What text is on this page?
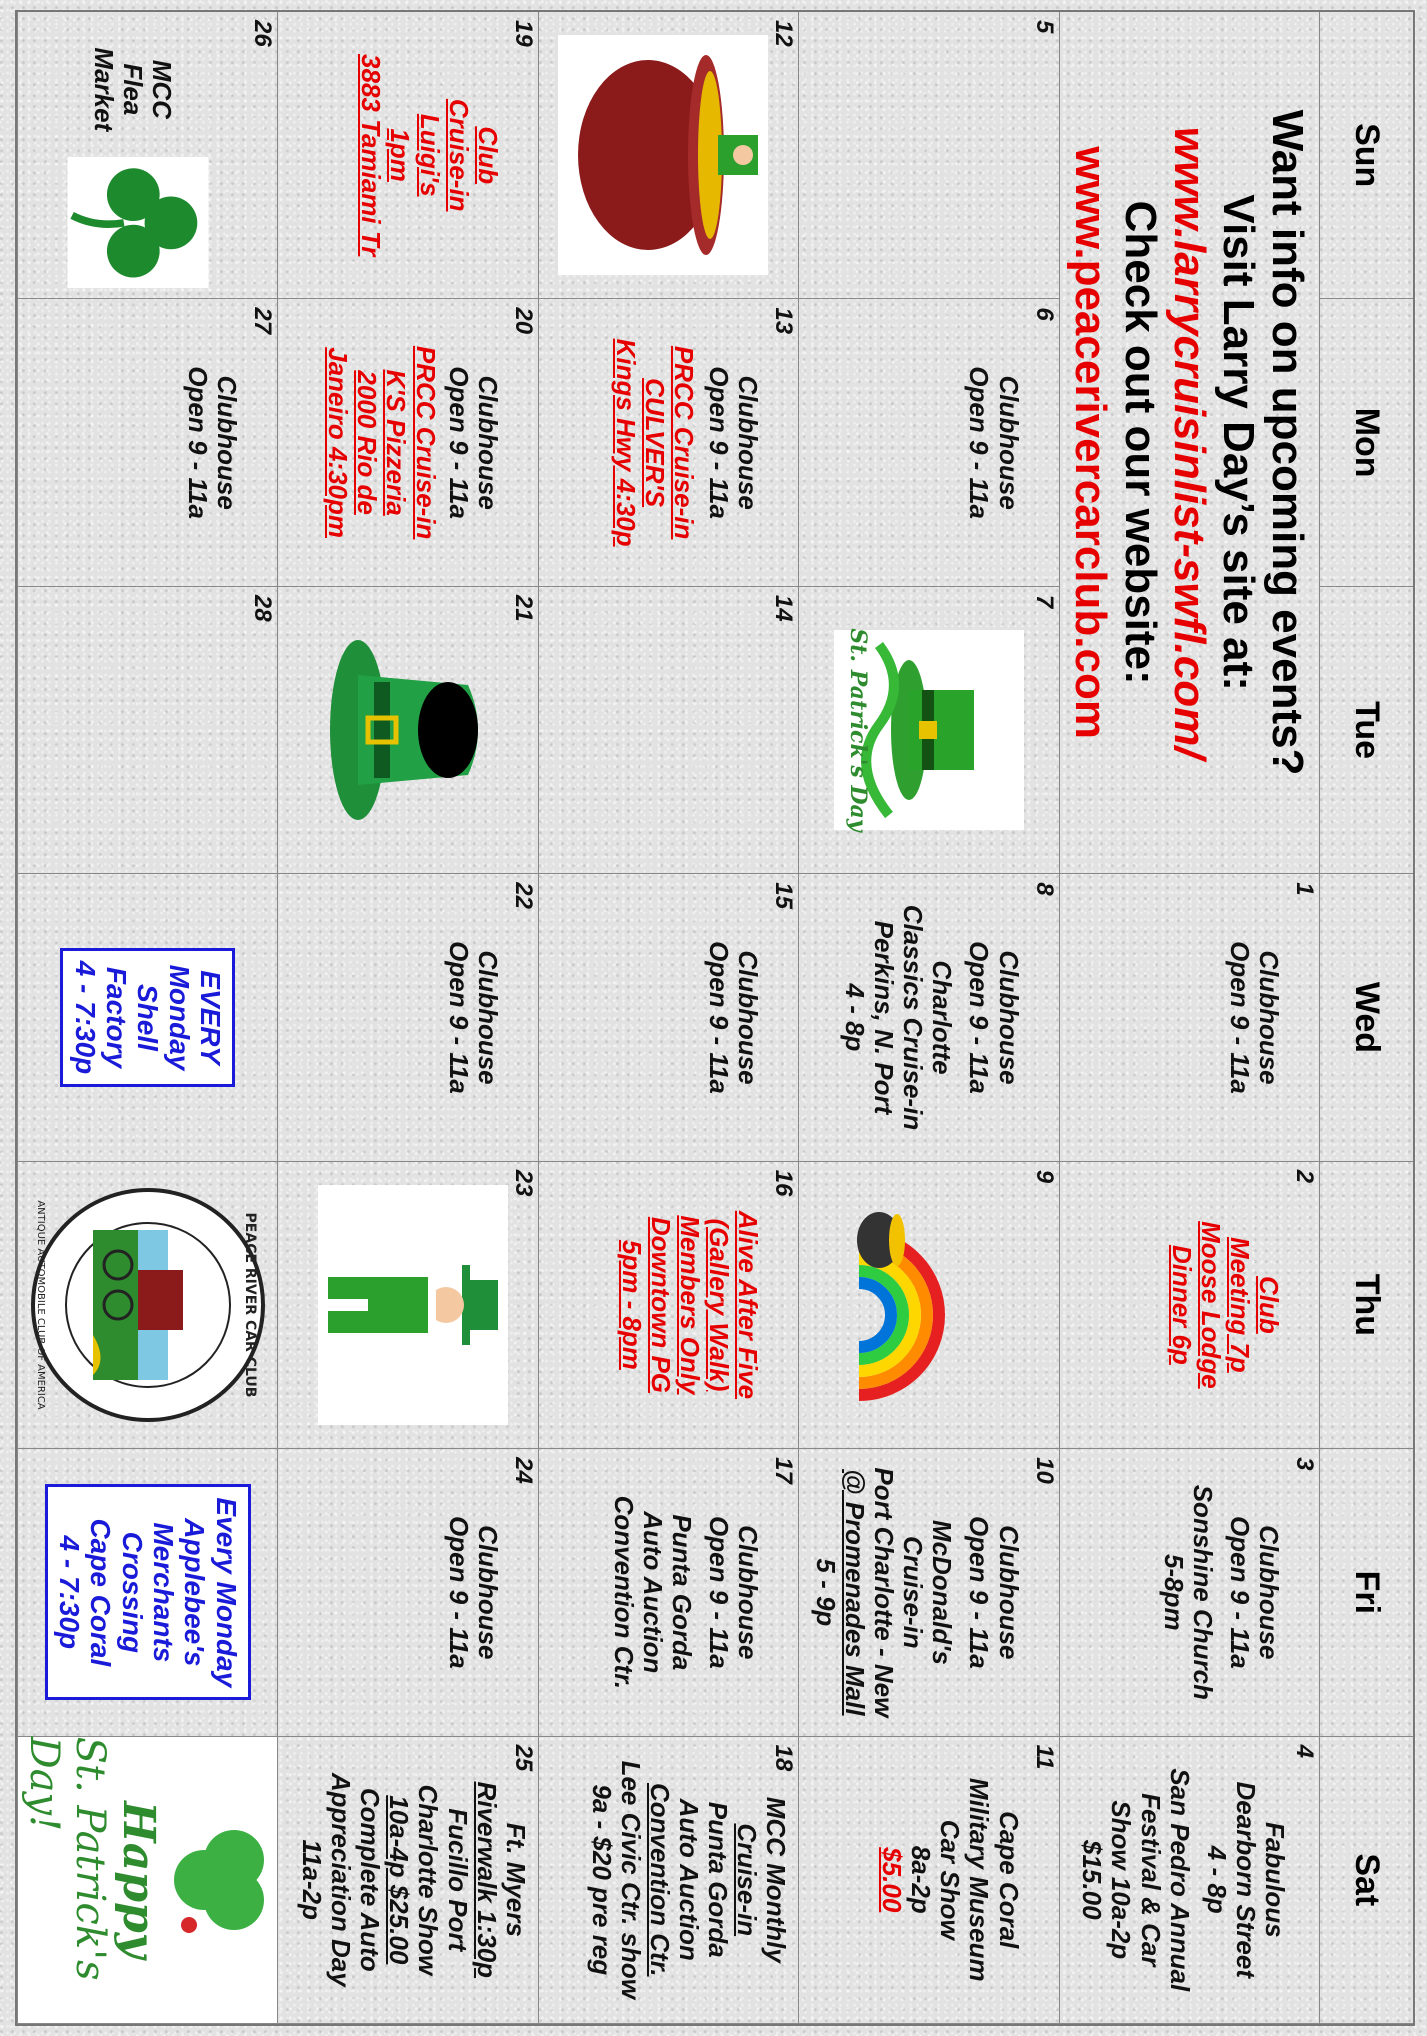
Sun
Mon
Tue
Wed
Thu
Fri
Sat
Want info on upcoming events?
Visit Larry Day’s site at:
www.larrycruisinlist-swfl.com/
Check out our website:
www.peacerivercarclub.com
1
Clubhouse
Open 9 - 11a
2
Club
Meeting 7p
Moose Lodge
Dinner 6p
3
Clubhouse
Open 9 - 11a
Sonshine Church
5-8pm
4
Fabulous
Dearborn Street
4 - 8p
San Pedro Annual
Festival & Car
Show 10a-2p
$15.00
5
6
Clubhouse
Open 9 - 11a
7
St. Patrick's Day
8
Clubhouse
Open 9 - 11a
Charlotte
Classics Cruise-in
Perkins, N. Port
4 - 8p
9
10
Clubhouse
Open 9 - 11a
McDonald's
Cruise-in
Port Charlotte - New
@ Promenades Mall
5 - 9p
11
Cape Coral
Military Museum
Car Show
8a-2p
$5.00
12
13
Clubhouse
Open 9 - 11a
PRCC Cruise-in
CULVER'S
Kings Hwy 4:30p
14
15
Clubhouse
Open 9 - 11a
16
Alive After Five
(Gallery Walk)
Members Only
Downtown PG
5pm - 8pm
17
Clubhouse
Open 9 - 11a
Punta Gorda
Auto Auction
Convention Ctr.
18
MCC Monthly
Cruise-in
Punta Gorda
Auto Auction
Convention Ctr.
Lee Civic Ctr. show
9a - $20 pre reg
19
Club
Cruise-in
Luigi's
1pm
3883 Tamiami Tr
20
Clubhouse
Open 9 - 11a
PRCC Cruise-in
K'S Pizzeria
2000 Rio de
Janeiro 4:30pm
21
22
Clubhouse
Open 9 - 11a
23
24
Clubhouse
Open 9 - 11a
25
Ft. Myers
Riverwalk 1:30p
Fucillo Port
Charlotte Show
10a-4p $25.00
Complete Auto
Appreciation Day
11a-2p
26
MCC
Flea Market
27
Clubhouse
Open 9 - 11a
28
EVERY
Monday
Shell
Factory
4 - 7:30p
PEACE RIVER CAR CLUB
ANTIQUE AUTOMOBILE CLUB OF AMERICA
Every Monday
Applebee's
Merchants
Crossing
Cape Coral
4 - 7:30p
Happy
St. Patrick's Day!
